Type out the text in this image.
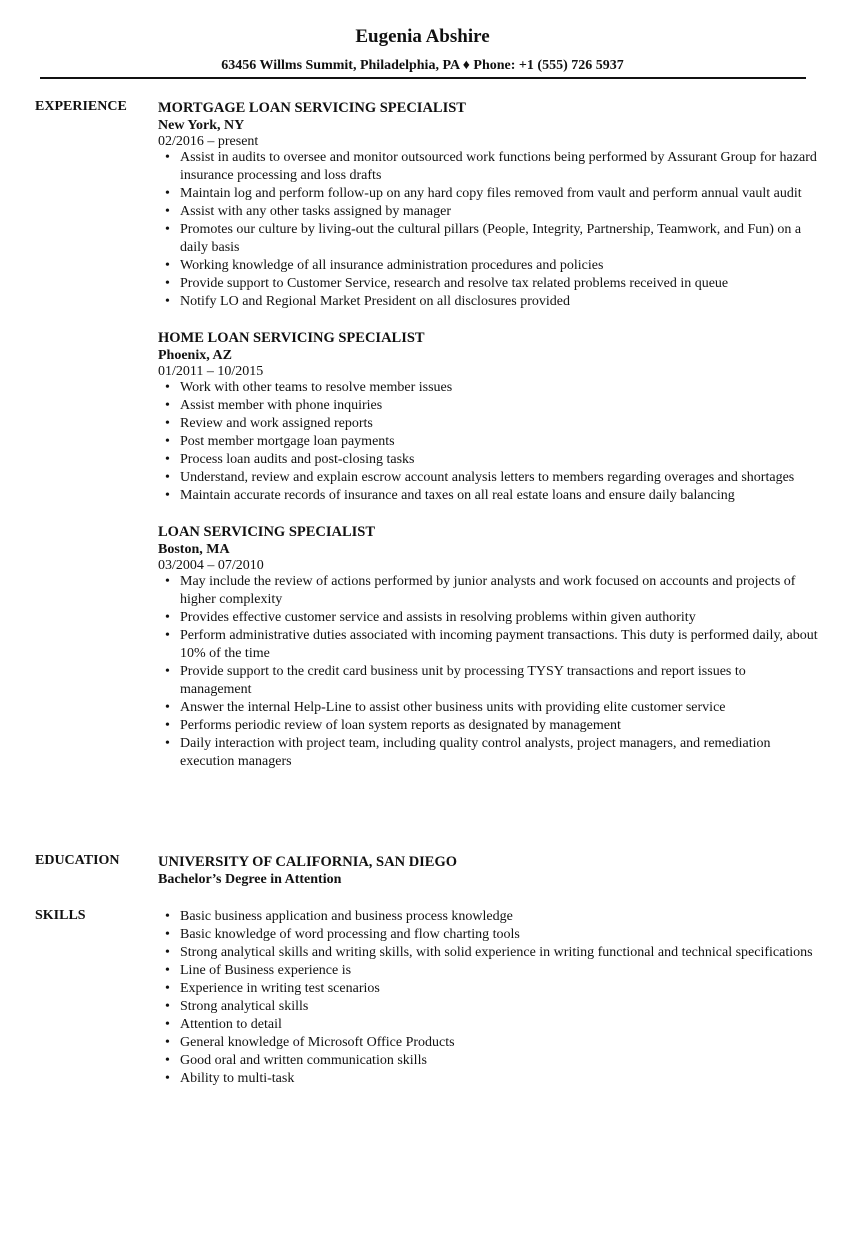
Eugenia Abshire
63456 Willms Summit, Philadelphia, PA ♦ Phone: +1 (555) 726 5937
EXPERIENCE MORTGAGE LOAN SERVICING SPECIALIST
New York, NY
02/2016 – present
• Assist in audits to oversee and monitor outsourced work functions being performed by Assurant Group for hazard insurance processing and loss drafts
• Maintain log and perform follow-up on any hard copy files removed from vault and perform annual vault audit
• Assist with any other tasks assigned by manager
• Promotes our culture by living-out the cultural pillars (People, Integrity, Partnership, Teamwork, and Fun) on a daily basis
• Working knowledge of all insurance administration procedures and policies
• Provide support to Customer Service, research and resolve tax related problems received in queue
• Notify LO and Regional Market President on all disclosures provided
HOME LOAN SERVICING SPECIALIST
Phoenix, AZ
01/2011 – 10/2015
• Work with other teams to resolve member issues
• Assist member with phone inquiries
• Review and work assigned reports
• Post member mortgage loan payments
• Process loan audits and post-closing tasks
• Understand, review and explain escrow account analysis letters to members regarding overages and shortages
• Maintain accurate records of insurance and taxes on all real estate loans and ensure daily balancing
LOAN SERVICING SPECIALIST
Boston, MA
03/2004 – 07/2010
• May include the review of actions performed by junior analysts and work focused on accounts and projects of higher complexity
• Provides effective customer service and assists in resolving problems within given authority
• Perform administrative duties associated with incoming payment transactions. This duty is performed daily, about 10% of the time
• Provide support to the credit card business unit by processing TYSY transactions and report issues to management
• Answer the internal Help-Line to assist other business units with providing elite customer service
• Performs periodic review of loan system reports as designated by management
• Daily interaction with project team, including quality control analysts, project managers, and remediation execution managers
EDUCATION	UNIVERSITY OF CALIFORNIA, SAN DIEGO
Bachelor’s Degree in Attention
SKILLS
•	Basic business application and business process knowledge
• Basic knowledge of word processing and flow charting tools
• Strong analytical skills and writing skills, with solid experience in writing functional and technical specifications
• Line of Business experience is
• Experience in writing test scenarios
• Strong analytical skills
• Attention to detail
• General knowledge of Microsoft Office Products
• Good oral and written communication skills
• Ability to multi-task
